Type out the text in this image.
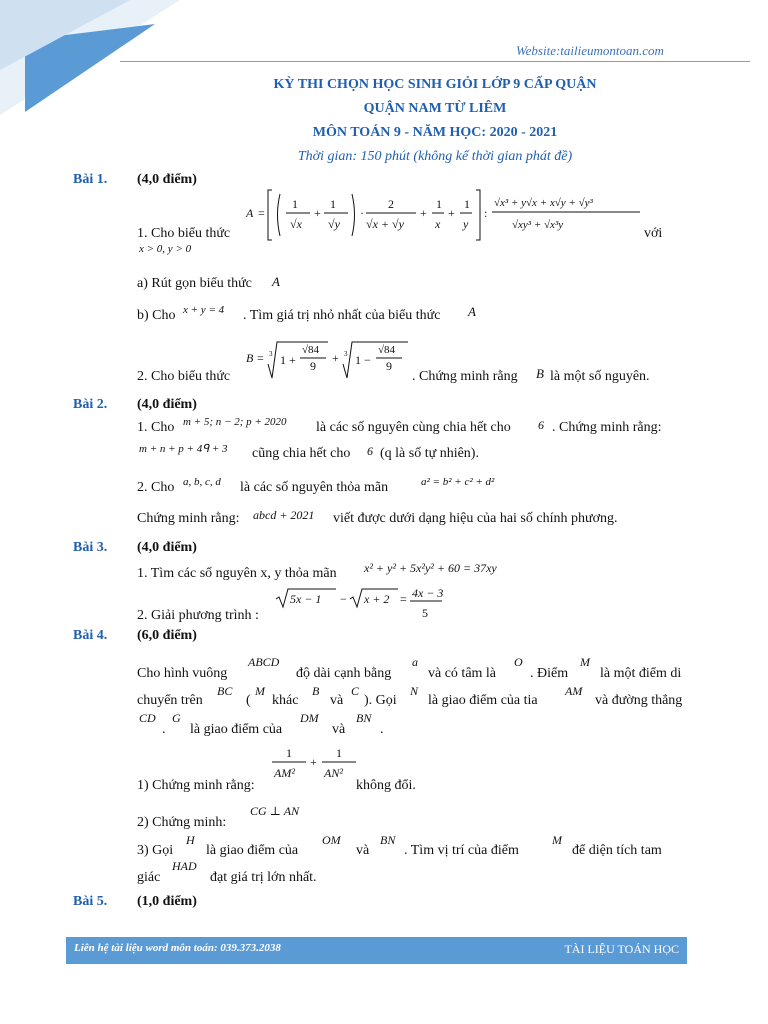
Website:tailieumontoan.com
KỲ THI CHỌN HỌC SINH GIỎI LỚP 9 CẤP QUẬN
QUẬN NAM TỪ LIÊM
MÔN TOÁN 9 - NĂM HỌC: 2020 - 2021
Thời gian: 150 phút (không kể thời gian phát đề)
Bài 1. (4,0 điểm)
A =
1
√x
+
1
√y
·
2
√x + √y
+
1
x
+
1
y
:
√x³ + y√x + x√y + √y³
√xy³ + √x³y
1. Cho biểu thức
x > 0, y > 0
với
a) Rút gọn biểu thức A
b) Cho x + y = 4 . Tìm giá trị nhỏ nhất của biểu thức A
B = 3 1 +
√84
9
+ 3 1 −
√84
9
2. Cho biểu thức	. Chứng minh rằng B là một số nguyên.
Bài 2. (4,0 điểm)
1. Cho m + 5; n − 2; p + 2020 là các số nguyên cùng chia hết cho 6 . Chứng minh rằng:
m + n + p + 4ᑫ + 3 cũng chia hết cho 6 (q là số tự nhiên).
2. Cho a, b, c, d là các số nguyên thỏa mãn	a² = b² + c² + d²
Chứng minh rằng: abcd + 2021 viết được dưới dạng hiệu của hai số chính phương.
Bài 3. (4,0 điểm)
1. Tìm các số nguyên x, y thỏa mãn x² + y² + 5x²y² + 60 = 37xy
2. Giải phương trình :
5x − 1 − x + 2 = 4x − 3
5
Bài 4. (6,0 điểm)
Cho hình vuông
ABCD
độ dài cạnh bằng
a
và có tâm là
O
. Điểm
M
là một điểm di
chuyển trên
BC
(
M
khác
B
và
C
). Gọi
N
là giao điểm của tia
AM
và đường thẳng
CD
.
G
là giao điểm của
DM
và
BN
.
1
AM²
+
1
AN²
1) Chứng minh rằng:	không đổi.
2) Chứng minh:
CG ⊥ AN
3) Gọi
H
là giao điểm của
OM
và
BN
. Tìm vị trí của điểm
M
để diện tích tam
giác
HAD
đạt giá trị lớn nhất.
Bài 5. (1,0 điểm)
Liên hệ tài liệu word môn toán: 039.373.2038	TÀI LIỆU TOÁN HỌC
